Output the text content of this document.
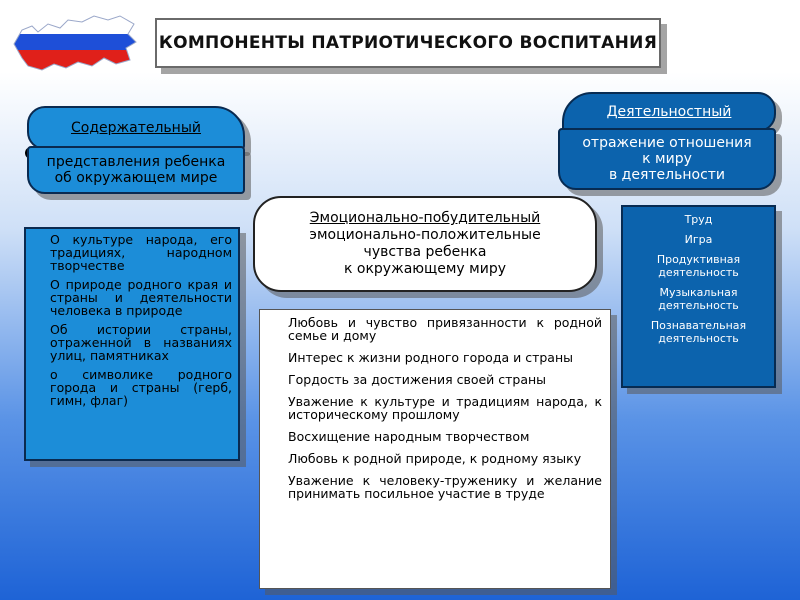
КОМПОНЕНТЫ ПАТРИОТИЧЕСКОГО ВОСПИТАНИЯ
Содержательный
представления ребенка
об окружающем мире
О культуре народа, его традициях, народном творчестве
О природе родного края и страны и деятельности человека в природе
Об истории страны, отраженной в названиях улиц, памятниках
о символике родного города и страны (герб, гимн, флаг)
Эмоционально-побудительный
эмоционально-положительные
чувства ребенка
к окружающему миру
Любовь и чувство привязанности к родной семье и дому
Интерес к жизни родного города и страны
Гордость за достижения своей страны
Уважение к культуре и традициям народа, к историческому прошлому
Восхищение народным творчеством
Любовь к родной природе, к родному языку
Уважение к человеку-труженику и желание принимать посильное участие в труде
Деятельностный
отражение отношения
к миру
в деятельности
Труд
Игра
Продуктивная деятельность
Музыкальная деятельность
Познавательная деятельность
